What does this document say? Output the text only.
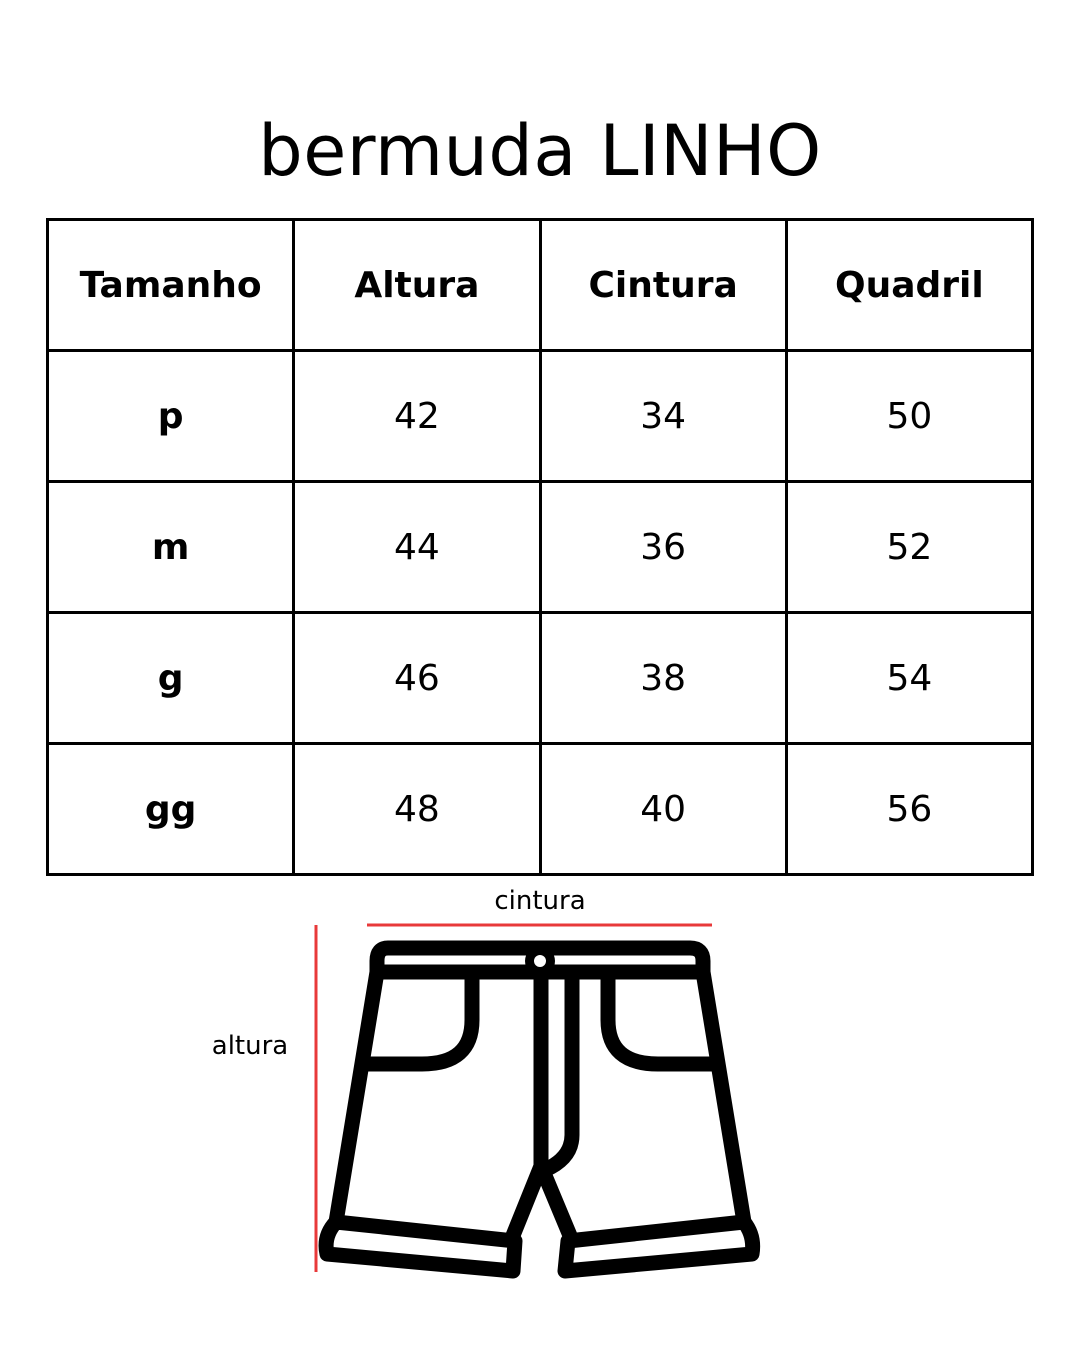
bermuda LINHO
Tamanho	Altura	Cintura	Quadril
p	42	34	50
m	44	36	52
g	46	38	54
gg	48	40	56
cintura
altura
